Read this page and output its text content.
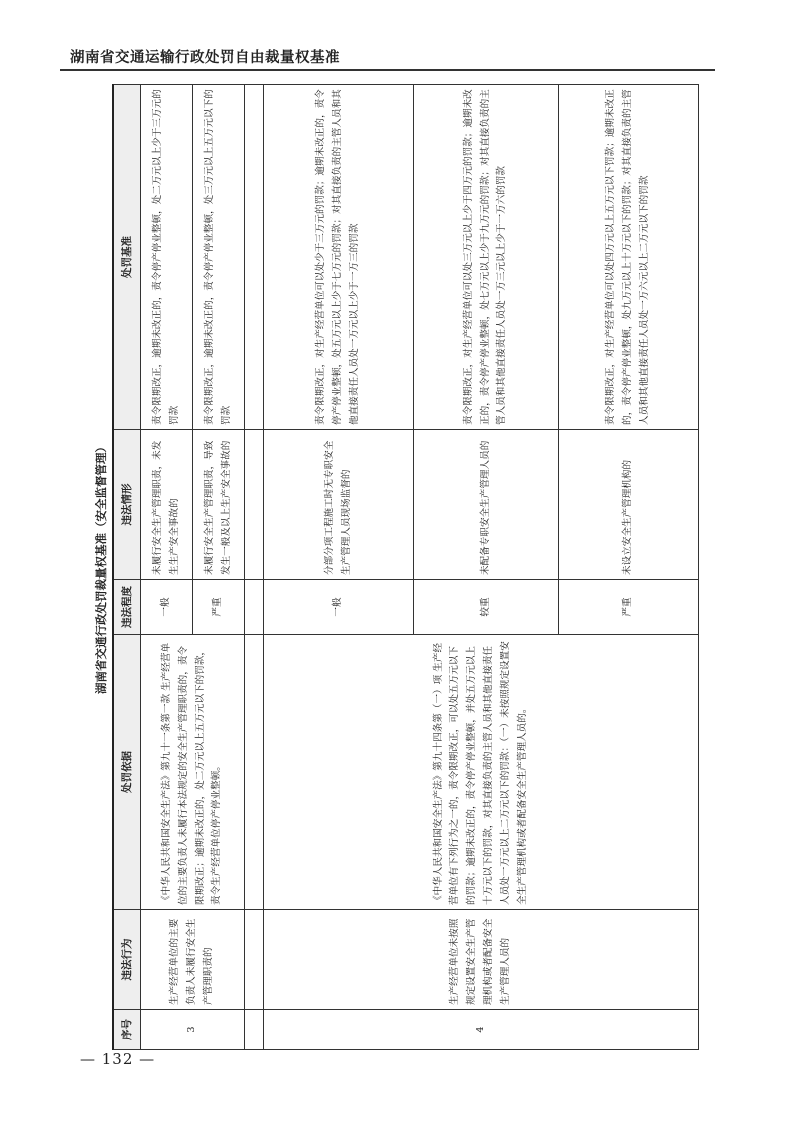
湖南省交通运输行政处罚自由裁量权基准
湖南省交通行政处罚裁量权基准（安全监督管理）
序号	违法行为	处罚依据	违法程度	违法情形	处罚基准
3	生产经营单位的主要负责人未履行安全生产管理职责的	《中华人民共和国安全生产法》第九十一条第一款 生产经营单位的主要负责人未履行本法规定的安全生产管理职责的，责令限期改正；逾期未改正的，处二万元以上五万元以下的罚款，责令生产经营单位停产停业整顿。	一般	未履行安全生产管理职责，未发生生产安全事故的	责令限期改正，逾期未改正的，责令停产停业整顿，处二万元以上少于三万元的罚款
			严重	未履行安全生产管理职责，导致发生一般及以上生产安全事故的	责令限期改正，逾期未改正的，责令停产停业整顿，处三万元以上五万元以下的罚款

4	生产经营单位未按照规定设置安全生产管理机构或者配备安全生产管理人员的	《中华人民共和国安全生产法》第九十四条第（一）项 生产经营单位有下列行为之一的，责令限期改正，可以处五万元以下的罚款；逾期未改正的，责令停产停业整顿，并处五万元以上十万元以下的罚款，对其直接负责的主管人员和其他直接责任人员处一万元以上二万元以下的罚款：（一）未按照规定设置安全生产管理机构或者配备安全生产管理人员的。	一般	分部分项工程施工时无专职安全生产管理人员现场监督的	责令限期改正，对生产经营单位可以处少于三万元的罚款；逾期未改正的，责令停产停业整顿，处五万元以上少于七万元的罚款；对其直接负责的主管人员和其他直接责任人员处一万元以上少于一万三的罚款
			较重	未配备专职安全生产管理人员的	责令限期改正，对生产经营单位可以处三万元以上少于四万元的罚款；逾期未改正的，责令停产停业整顿，处七万元以上少于九万元的罚款；对其直接负责的主管人员和其他直接责任人员处一万三元以上少于一万六的罚款
			严重	未设立安全生产管理机构的	责令限期改正，对生产经营单位可以处四万元以上五万元以下罚款；逾期未改正的，责令停产停业整顿，处九万元以上十万元以下的罚款；对其直接负责的主管人员和其他直接责任人员处一万六元以上二万元以下的罚款
— 132 —
